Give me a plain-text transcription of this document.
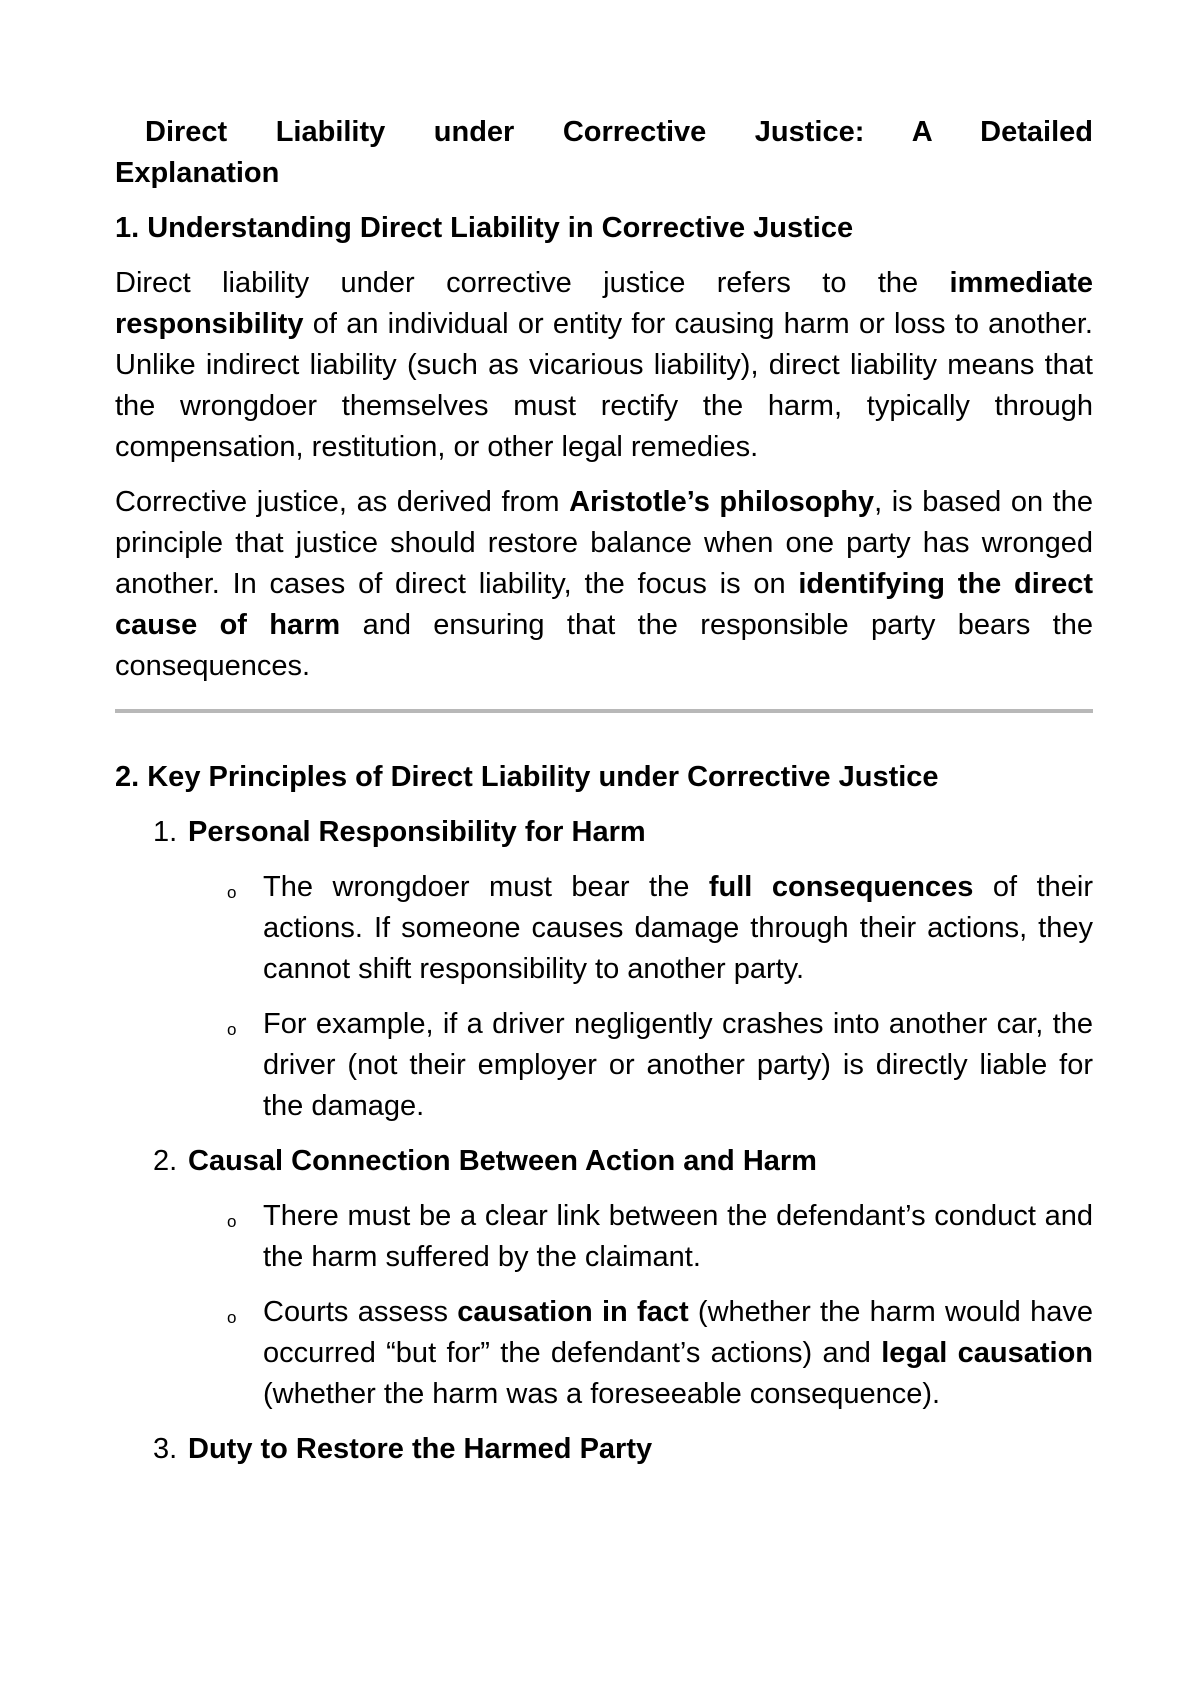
Direct Liability under Corrective Justice: A Detailed
Explanation
1. Understanding Direct Liability in Corrective Justice

Direct liability under corrective justice refers to the immediate responsibility of an individual or entity for causing harm or loss to another. Unlike indirect liability (such as vicarious liability), direct liability means that the wrongdoer themselves must rectify the harm, typically through compensation, restitution, or other legal remedies.

Corrective justice, as derived from Aristotle’s philosophy, is based on the principle that justice should restore balance when one party has wronged another. In cases of direct liability, the focus is on identifying the direct cause of harm and ensuring that the responsible party bears the consequences.

2. Key Principles of Direct Liability under Corrective Justice
1. Personal Responsibility for Harm
o The wrongdoer must bear the full consequences of their actions. If someone causes damage through their actions, they cannot shift responsibility to another party.
o For example, if a driver negligently crashes into another car, the driver (not their employer or another party) is directly liable for the damage.
2. Causal Connection Between Action and Harm
o There must be a clear link between the defendant’s conduct and the harm suffered by the claimant.
o Courts assess causation in fact (whether the harm would have occurred “but for” the defendant’s actions) and legal causation (whether the harm was a foreseeable consequence).
3. Duty to Restore the Harmed Party
